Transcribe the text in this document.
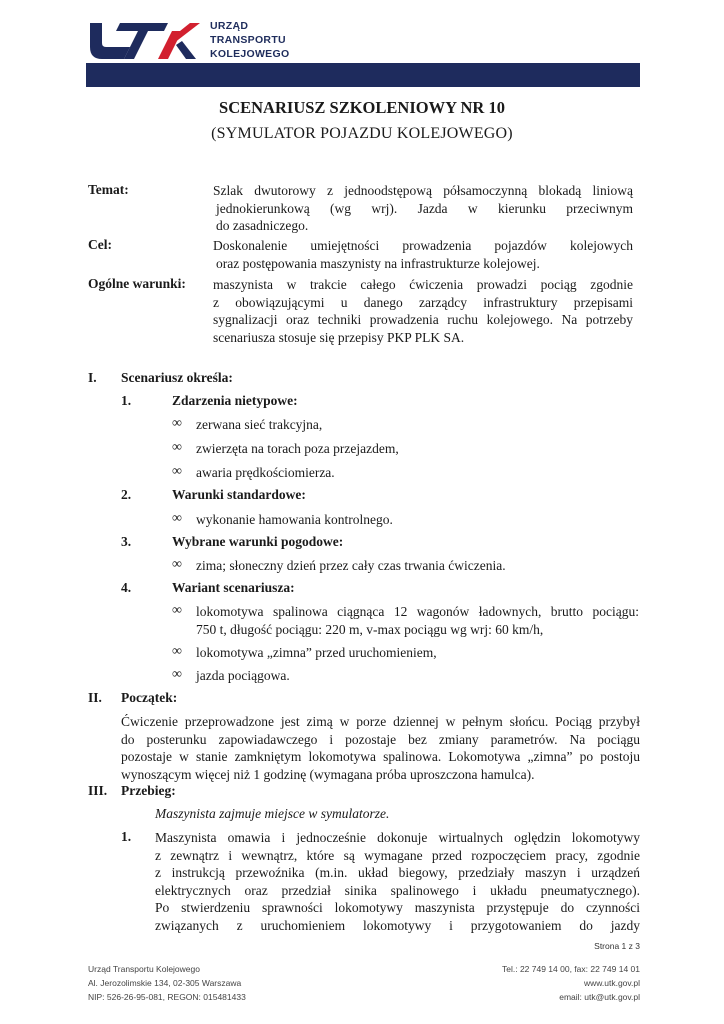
URZĄD
TRANSPORTU
KOLEJOWEGO
SCENARIUSZ SZKOLENIOWY NR 10
(SYMULATOR POJAZDU KOLEJOWEGO)
Temat:	Szlak dwutorowy z jednoodstępową półsamoczynną blokadą liniową
jednokierunkową (wg wrj). Jazda w kierunku przeciwnym
do zasadniczego.
Cel:	Doskonalenie umiejętności prowadzenia pojazdów kolejowych
oraz postępowania maszynisty na infrastrukturze kolejowej.
Ogólne warunki: maszynista w trakcie całego ćwiczenia prowadzi pociąg zgodnie
z obowiązującymi u danego zarządcy infrastruktury przepisami
sygnalizacji oraz techniki prowadzenia ruchu kolejowego. Na potrzeby
scenariusza stosuje się przepisy PKP PLK SA.
I. Scenariusz określa:
1.	Zdarzenia nietypowe:
∞ zerwana sieć trakcyjna,
∞ zwierzęta na torach poza przejazdem,
∞ awaria prędkościomierza.
2.	Warunki standardowe:
∞ wykonanie hamowania kontrolnego.
3.	Wybrane warunki pogodowe:
∞ zima; słoneczny dzień przez cały czas trwania ćwiczenia.
4.	Wariant scenariusza:
∞ lokomotywa spalinowa ciągnąca 12 wagonów ładownych, brutto pociągu:
750 t, długość pociągu: 220 m, v-max pociągu wg wrj: 60 km/h,
∞ lokomotywa „zimna” przed uruchomieniem,
∞ jazda pociągowa.
II. Początek:
Ćwiczenie przeprowadzone jest zimą w porze dziennej w pełnym słońcu. Pociąg przybył
do posterunku zapowiadawczego i pozostaje bez zmiany parametrów. Na pociągu
pozostaje w stanie zamkniętym lokomotywa spalinowa. Lokomotywa „zimna” po postoju
wynoszącym więcej niż 1 godzinę (wymagana próba uproszczona hamulca).
III. Przebieg:
Maszynista zajmuje miejsce w symulatorze.
1. Maszynista omawia i jednocześnie dokonuje wirtualnych oględzin lokomotywy
z zewnątrz i wewnątrz, które są wymagane przed rozpoczęciem pracy, zgodnie
z instrukcją przewoźnika (m.in. układ biegowy, przedziały maszyn i urządzeń
elektrycznych oraz przedział sinika spalinowego i układu pneumatycznego).
Po stwierdzeniu sprawności lokomotywy maszynista przystępuje do czynności
związanych z uruchomieniem lokomotywy i przygotowaniem do jazdy
Strona 1 z 3
Urząd Transportu Kolejowego
Al. Jerozolimskie 134, 02-305 Warszawa
NIP: 526-26-95-081, REGON: 015481433
Tel.: 22 749 14 00, fax: 22 749 14 01
www.utk.gov.pl
email: utk@utk.gov.pl
